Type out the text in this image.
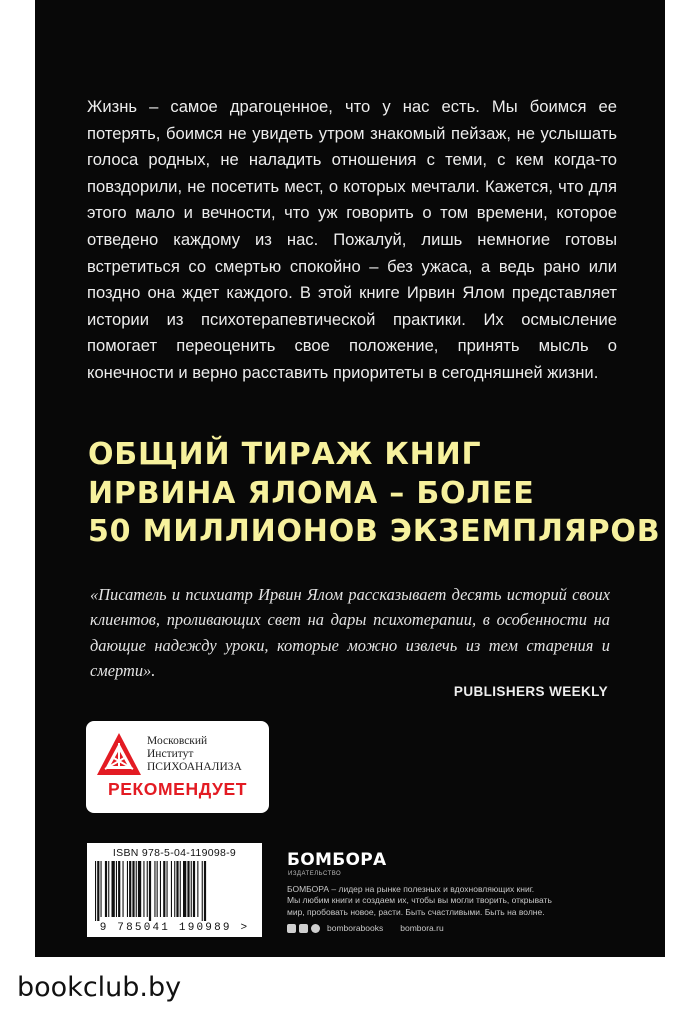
Жизнь – самое драгоценное, что у нас есть. Мы боимся ее потерять, боимся не увидеть утром знакомый пейзаж, не услышать голоса родных, не наладить отношения с теми, с кем когда-то повздорили, не посетить мест, о которых мечтали. Кажется, что для этого мало и вечности, что уж говорить о том времени, которое отведено каждому из нас. Пожалуй, лишь немногие готовы встретиться со смертью спокойно – без ужаса, а ведь рано или поздно она ждет каждого. В этой книге Ирвин Ялом представляет истории из психотерапевтической практики. Их осмысление помогает переоценить свое положение, принять мысль о конечности и верно расставить приоритеты в сегодняшней жизни.
ОБЩИЙ ТИРАЖ КНИГ
ИРВИНА ЯЛОМА – БОЛЕЕ
50 МИЛЛИОНОВ ЭКЗЕМПЛЯРОВ
«Писатель и психиатр Ирвин Ялом рассказывает десять историй своих клиентов, проливающих свет на дары психотерапии, в особенности на дающие надежду уроки, которые можно извлечь из тем старения и смерти».
PUBLISHERS WEEKLY
Московский
Институт
ПСИХОАНАЛИЗА
РЕКОМЕНДУЕТ
ISBN 978-5-04-119098-9
9 785041 190989 >
БОМБОРА
ИЗДАТЕЛЬСТВО
БОМБОРА – лидер на рынке полезных и вдохновляющих книг.
Мы любим книги и создаем их, чтобы вы могли творить, открывать
мир, пробовать новое, расти. Быть счастливыми. Быть на волне.
bomborabooks bombora.ru
bookclub.by
